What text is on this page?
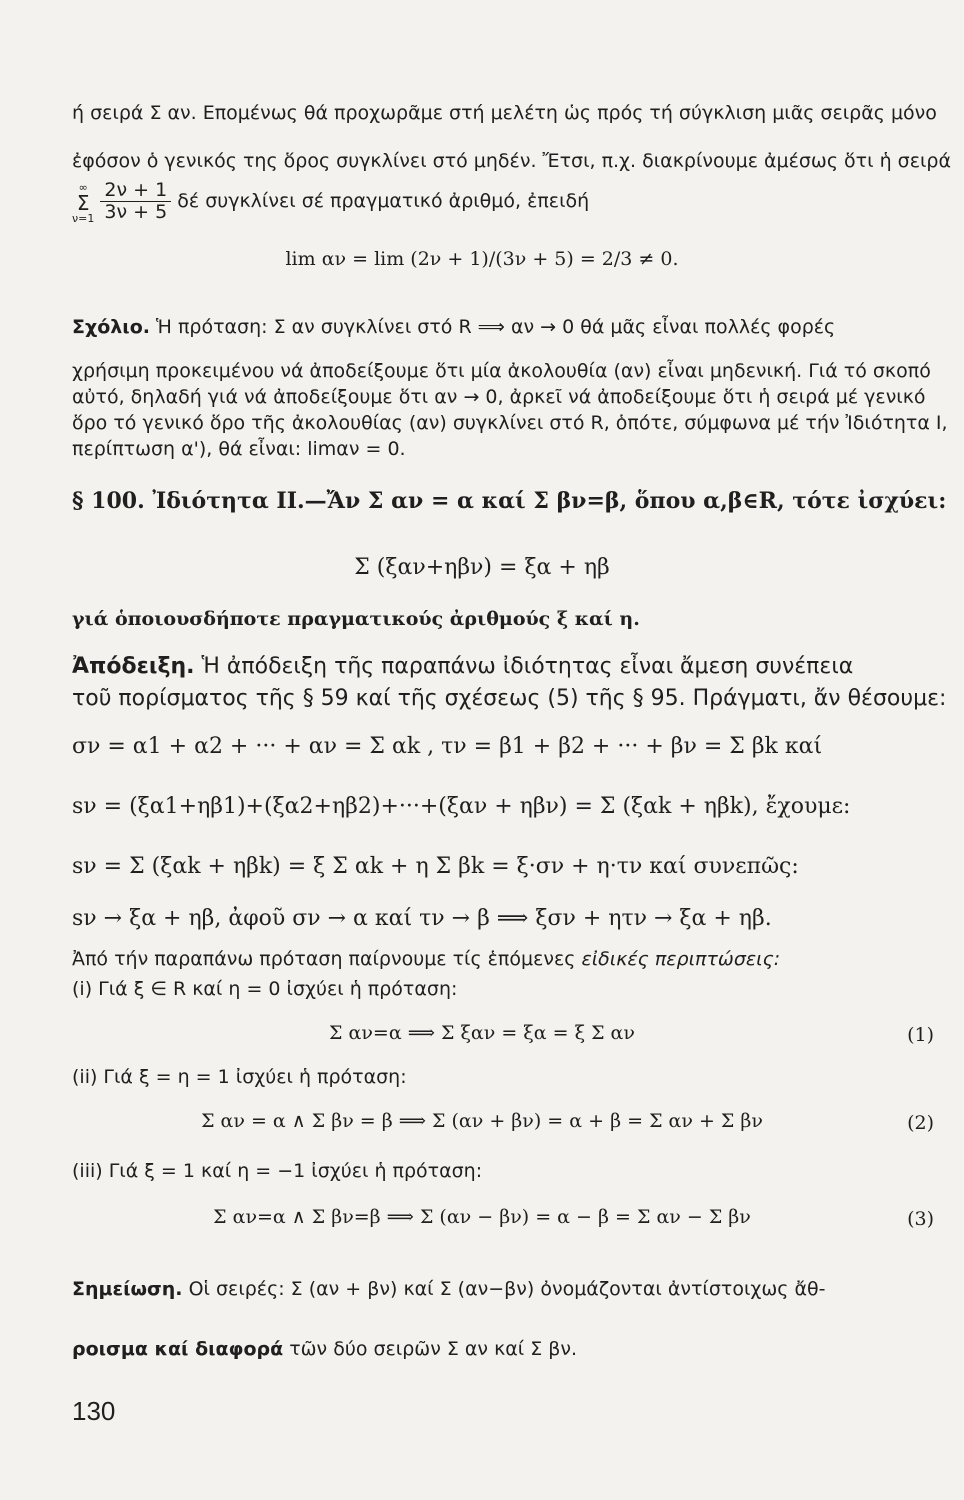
ή σειρά Σ αν. Επομένως θά προχωρᾶμε στή μελέτη ὡς πρός τή σύγκλιση μιᾶς σειρᾶς μόνο
ἐφόσον ὁ γενικός της ὅρος συγκλίνει στό μηδέν. Ἔτσι, π.χ. διακρίνουμε ἀμέσως ὅτι ἡ σειρά
∞
Σ
ν=1
$\frac{2\nu + 1}{3\nu + 5}$ δέ συγκλίνει σέ πραγματικό ἀριθμό, ἐπειδή
lim αν = lim (2ν + 1)/(3ν + 5) = 2/3 ≠ 0.
Σχόλιο. Ἡ πρόταση: Σ αν συγκλίνει στό R ⟹ αν → 0 θά μᾶς εἶναι πολλές φορές
χρήσιμη προκειμένου νά ἀποδείξουμε ὅτι μία ἀκολουθία (αν) εἶναι μηδενική. Γιά τό σκοπό
αὐτό, δηλαδή γιά νά ἀποδείξουμε ὅτι αν → 0, ἀρκεῖ νά ἀποδείξουμε ὅτι ἡ σειρά μέ γενικό
ὅρο τό γενικό ὅρο τῆς ἀκολουθίας (αν) συγκλίνει στό R, ὁπότε, σύμφωνα μέ τήν Ἰδιότητα I,
περίπτωση α'), θά εἶναι: limαν = 0.
§ 100. Ἰδιότητα II.—Ἄν Σ αν = α καί Σ βν=β, ὅπου α,β∈R, τότε ἰσχύει:
Σ (ξαν+ηβν) = ξα + ηβ
γιά ὁποιουσδήποτε πραγματικούς ἀριθμούς ξ καί η.
Ἀπόδειξη. Ἡ ἀπόδειξη τῆς παραπάνω ἰδιότητας εἶναι ἄμεση συνέπεια
τοῦ πορίσματος τῆς § 59 καί τῆς σχέσεως (5) τῆς § 95. Πράγματι, ἄν θέσουμε:
σν = α1 + α2 + ··· + αν = Σ αk , τν = β1 + β2 + ··· + βν = Σ βk καί
sν = (ξα1+ηβ1)+(ξα2+ηβ2)+···+(ξαν + ηβν) = Σ (ξαk + ηβk), ἔχουμε:
sν = Σ (ξαk + ηβk) = ξ Σ αk + η Σ βk = ξ·σν + η·τν καί συνεπῶς:
sν → ξα + ηβ, ἀφοῦ σν → α καί τν → β ⟹ ξσν + ητν → ξα + ηβ.
Ἀπό τήν παραπάνω πρόταση παίρνουμε τίς ἑπόμενες εἰδικές περιπτώσεις:
(i) Γιά ξ ∈ R καί η = 0 ἰσχύει ἡ πρόταση:
Σ αν=α ⟹ Σ ξαν = ξα = ξ Σ αν	(1)
(ii) Γιά ξ = η = 1 ἰσχύει ἡ πρόταση:
Σ αν = α ∧ Σ βν = β ⟹ Σ (αν + βν) = α + β = Σ αν + Σ βν	(2)
(iii) Γιά ξ = 1 καί η = −1 ἰσχύει ἡ πρόταση:
Σ αν=α ∧ Σ βν=β ⟹ Σ (αν − βν) = α − β = Σ αν − Σ βν	(3)
Σημείωση. Οἱ σειρές: Σ (αν + βν) καί Σ (αν−βν) ὀνομάζονται ἀντίστοιχως ἄθ-
ροισμα καί διαφορά τῶν δύο σειρῶν Σ αν καί Σ βν.
130
